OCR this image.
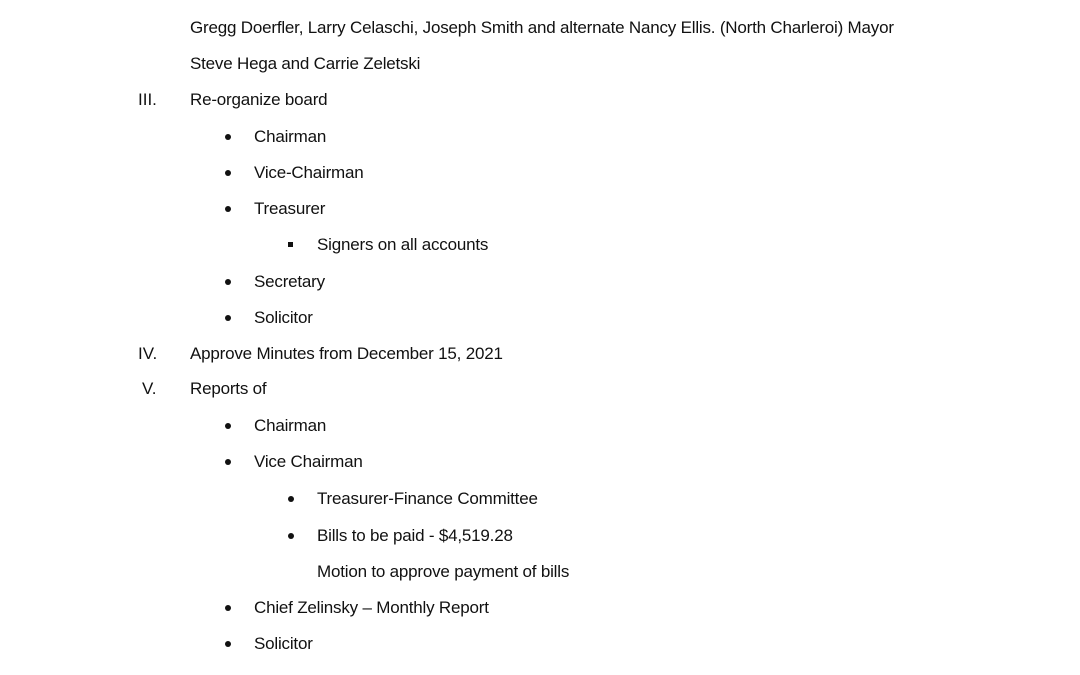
Gregg Doerfler, Larry Celaschi, Joseph Smith and alternate Nancy Ellis. (North Charleroi) Mayor
Steve Hega and Carrie Zeletski
III. Re-organize board
Chairman
Vice-Chairman
Treasurer
Signers on all accounts
Secretary
Solicitor
IV. Approve Minutes from December 15, 2021
V. Reports of
Chairman
Vice Chairman
Treasurer-Finance Committee
Bills to be paid - $4,519.28
Motion to approve payment of bills
Chief Zelinsky – Monthly Report
Solicitor
